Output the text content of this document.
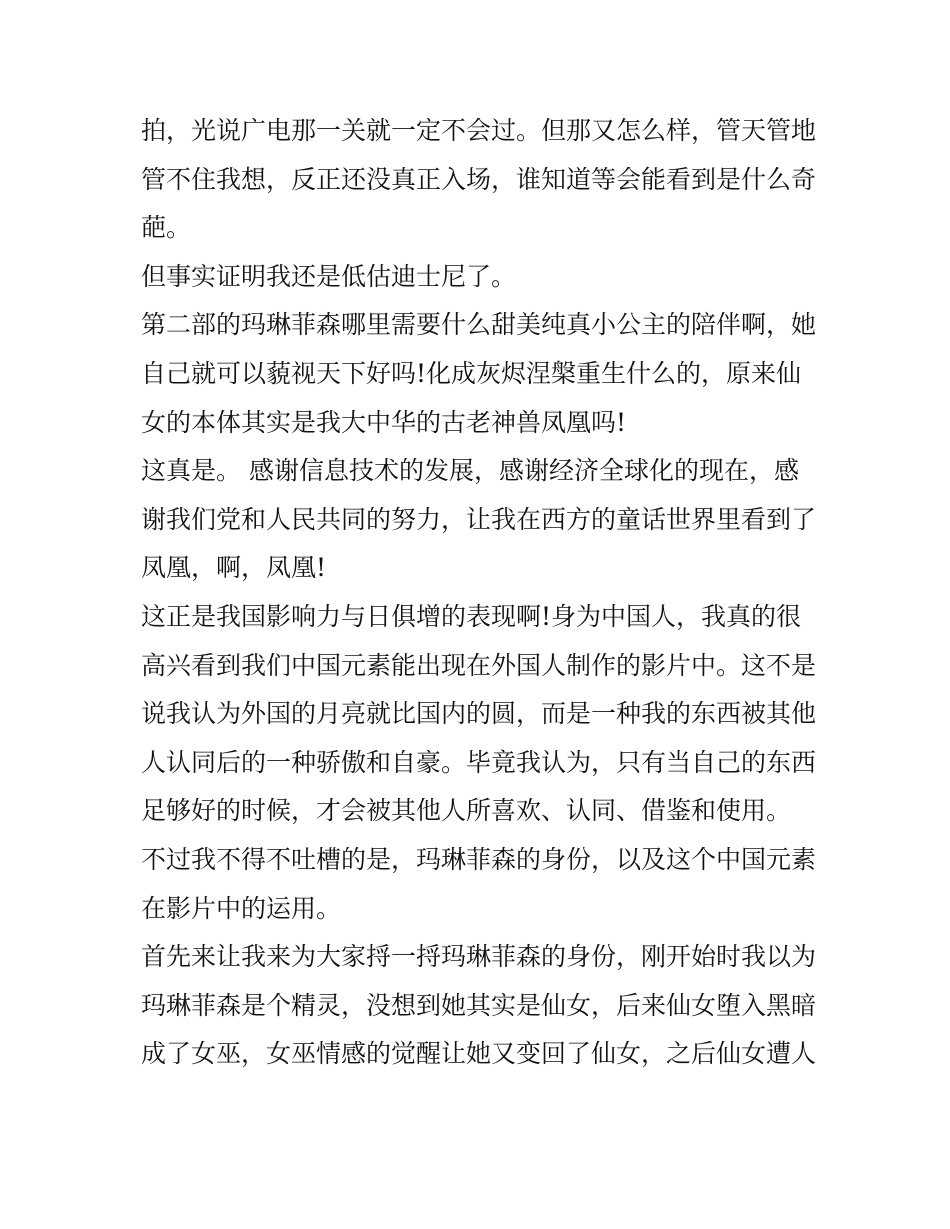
拍，光说广电那一关就一定不会过。但那又怎么样，管天管地
管不住我想，反正还没真正入场，谁知道等会能看到是什么奇
葩。

但事实证明我还是低估迪士尼了。

第二部的玛琳菲森哪里需要什么甜美纯真小公主的陪伴啊，她
自己就可以藐视天下好吗!化成灰烬涅槃重生什么的，原来仙
女的本体其实是我大中华的古老神兽凤凰吗!

这真是。 感谢信息技术的发展，感谢经济全球化的现在，感
谢我们党和人民共同的努力，让我在西方的童话世界里看到了
凤凰，啊，凤凰!

这正是我国影响力与日俱增的表现啊!身为中国人，我真的很
高兴看到我们中国元素能出现在外国人制作的影片中。这不是
说我认为外国的月亮就比国内的圆，而是一种我的东西被其他
人认同后的一种骄傲和自豪。毕竟我认为，只有当自己的东西
足够好的时候，才会被其他人所喜欢、认同、借鉴和使用。

不过我不得不吐槽的是，玛琳菲森的身份，以及这个中国元素
在影片中的运用。

首先来让我来为大家捋一捋玛琳菲森的身份，刚开始时我以为
玛琳菲森是个精灵，没想到她其实是仙女，后来仙女堕入黑暗
成了女巫，女巫情感的觉醒让她又变回了仙女，之后仙女遭人
